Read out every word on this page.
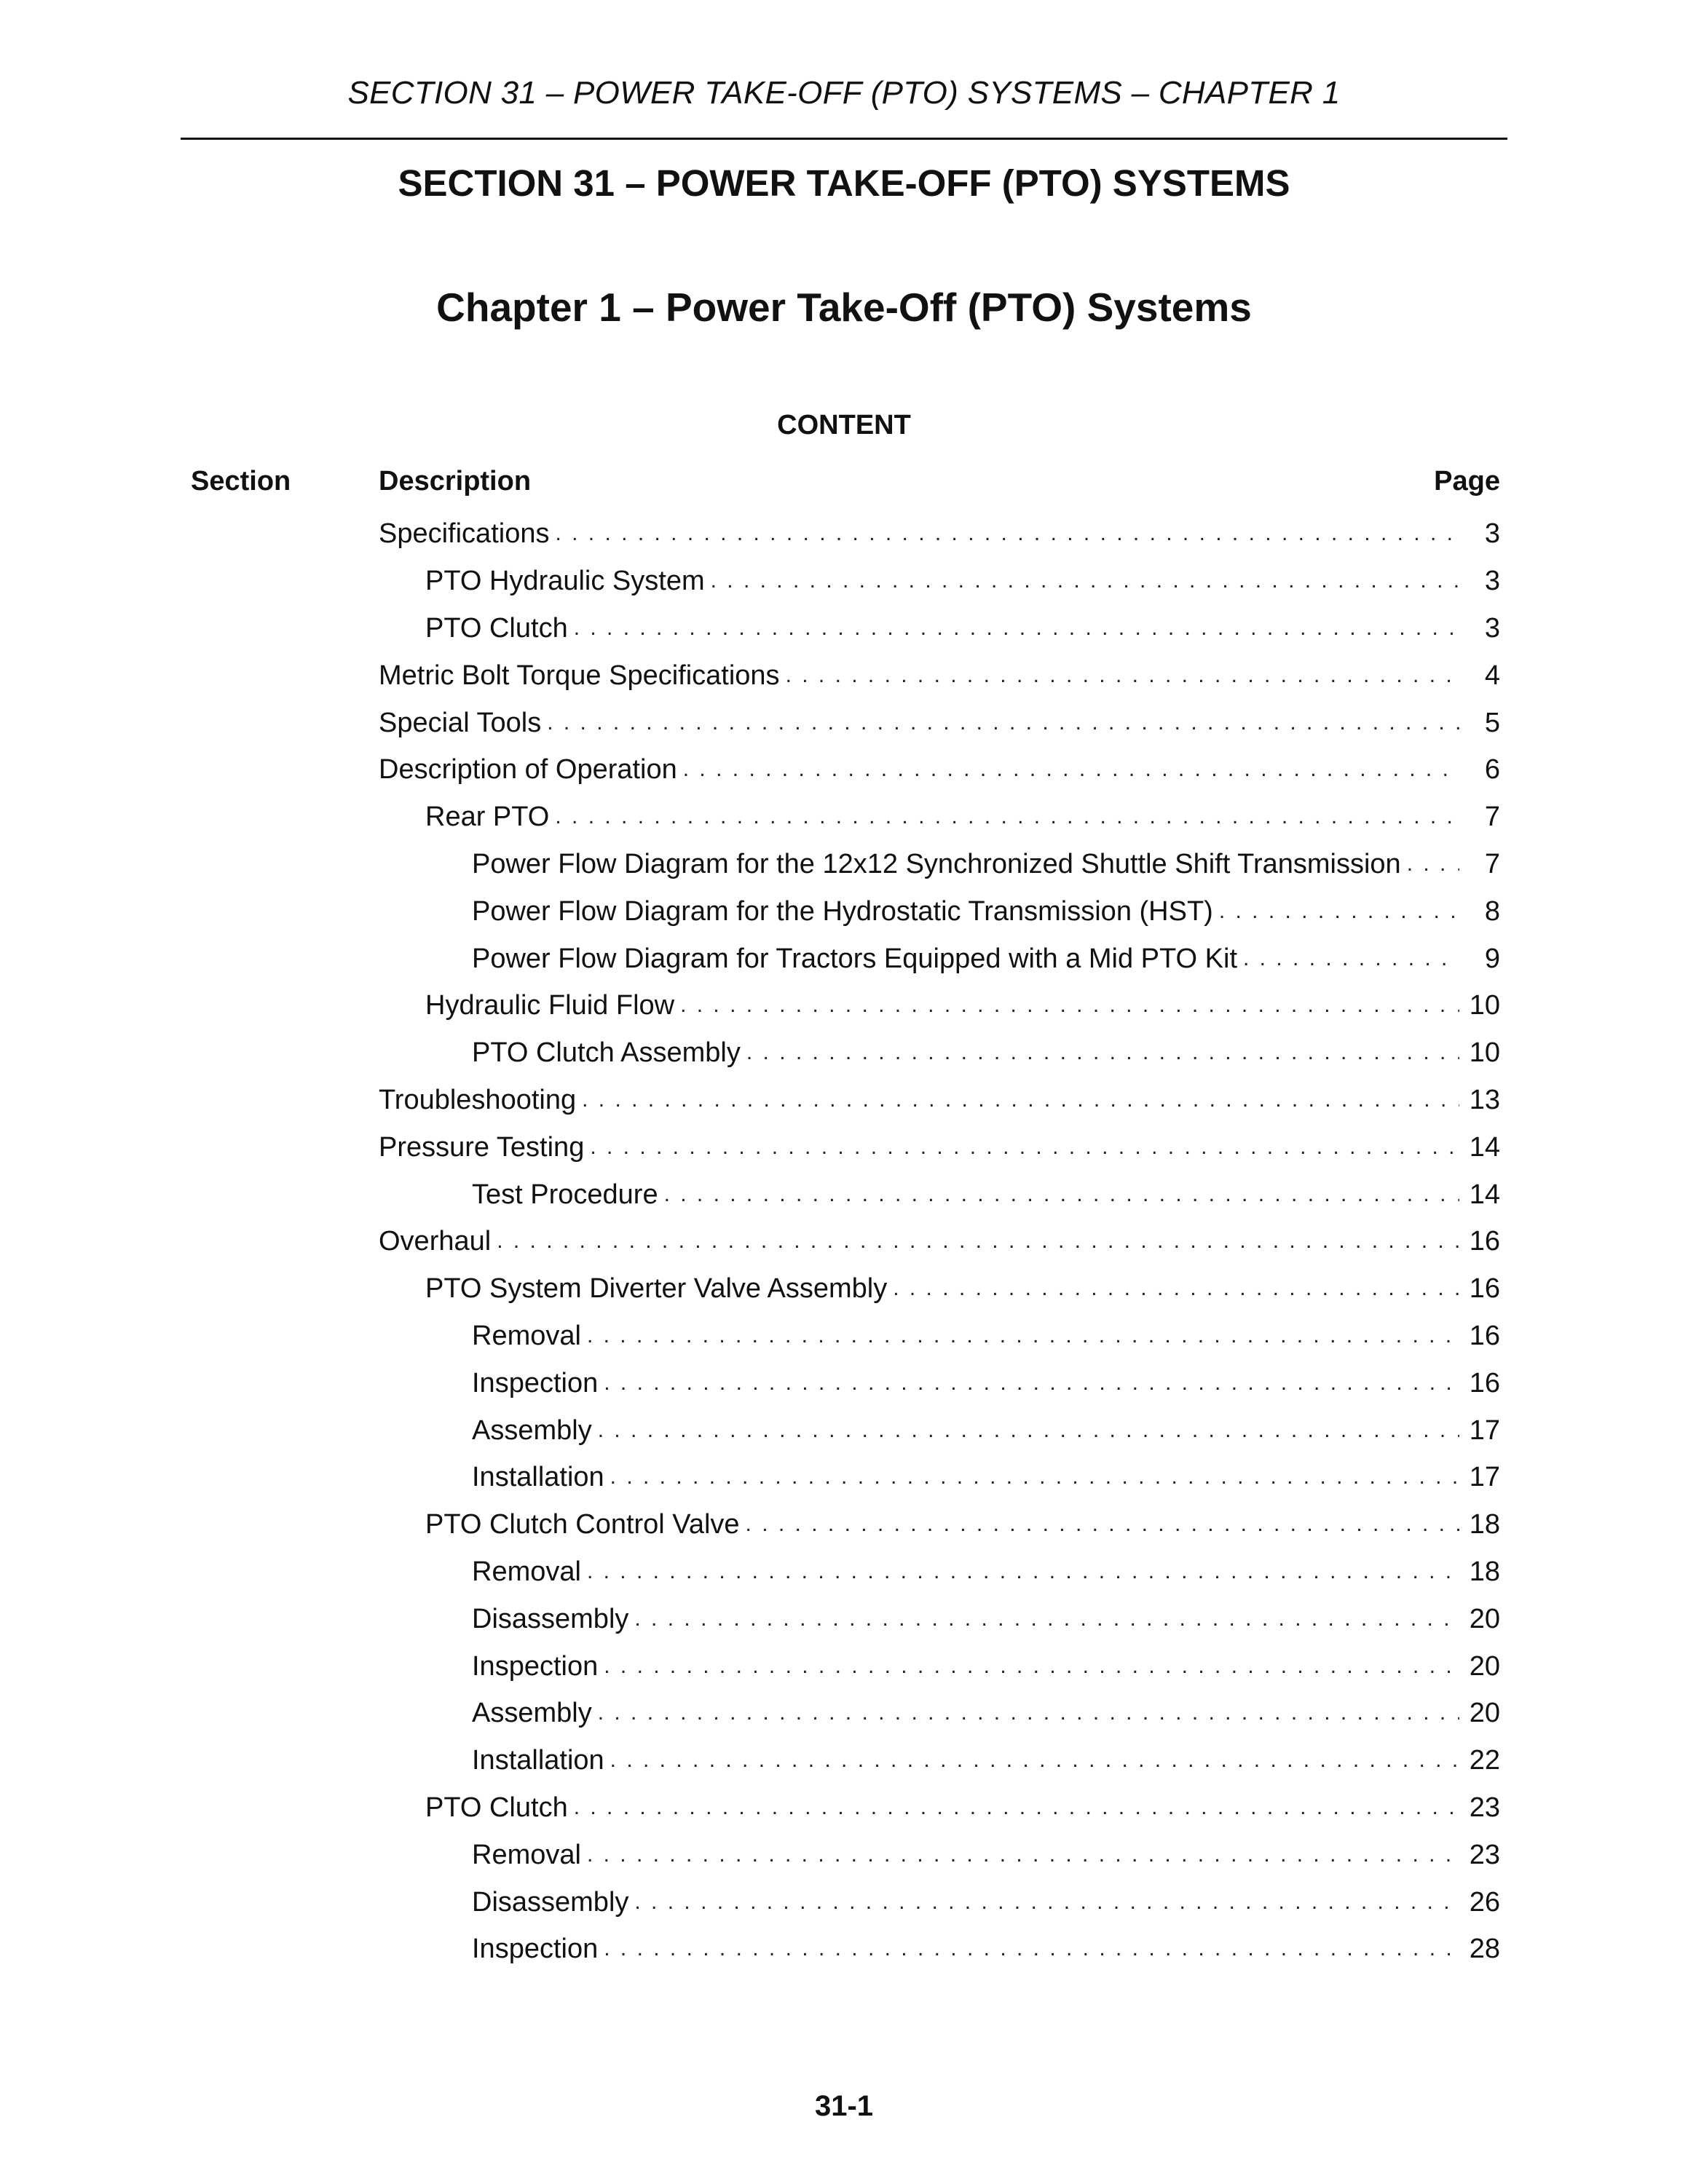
SECTION 31 – POWER TAKE-OFF (PTO) SYSTEMS – CHAPTER 1
SECTION 31 – POWER TAKE-OFF (PTO) SYSTEMS
Chapter 1 – Power Take-Off (PTO) Systems
CONTENT
Section	Description	Page
Specifications . . .	3
PTO Hydraulic System . . .	3
PTO Clutch . . .	3
Metric Bolt Torque Specifications . . .	4
Special Tools . . .	5
Description of Operation . . .	6
Rear PTO . . .	7
Power Flow Diagram for the 12x12 Synchronized Shuttle Shift Transmission . . .	7
Power Flow Diagram for the Hydrostatic Transmission (HST) . . .	8
Power Flow Diagram for Tractors Equipped with a Mid PTO Kit . . .	9
Hydraulic Fluid Flow . . .	10
PTO Clutch Assembly . . .	10
Troubleshooting . . .	13
Pressure Testing . . .	14
Test Procedure . . .	14
Overhaul . . .	16
PTO System Diverter Valve Assembly . . .	16
Removal . . .	16
Inspection . . .	16
Assembly . . .	17
Installation . . .	17
PTO Clutch Control Valve . . .	18
Removal . . .	18
Disassembly . . .	20
Inspection . . .	20
Assembly . . .	20
Installation . . .	22
PTO Clutch . . .	23
Removal . . .	23
Disassembly . . .	26
Inspection . . .	28
31-1
